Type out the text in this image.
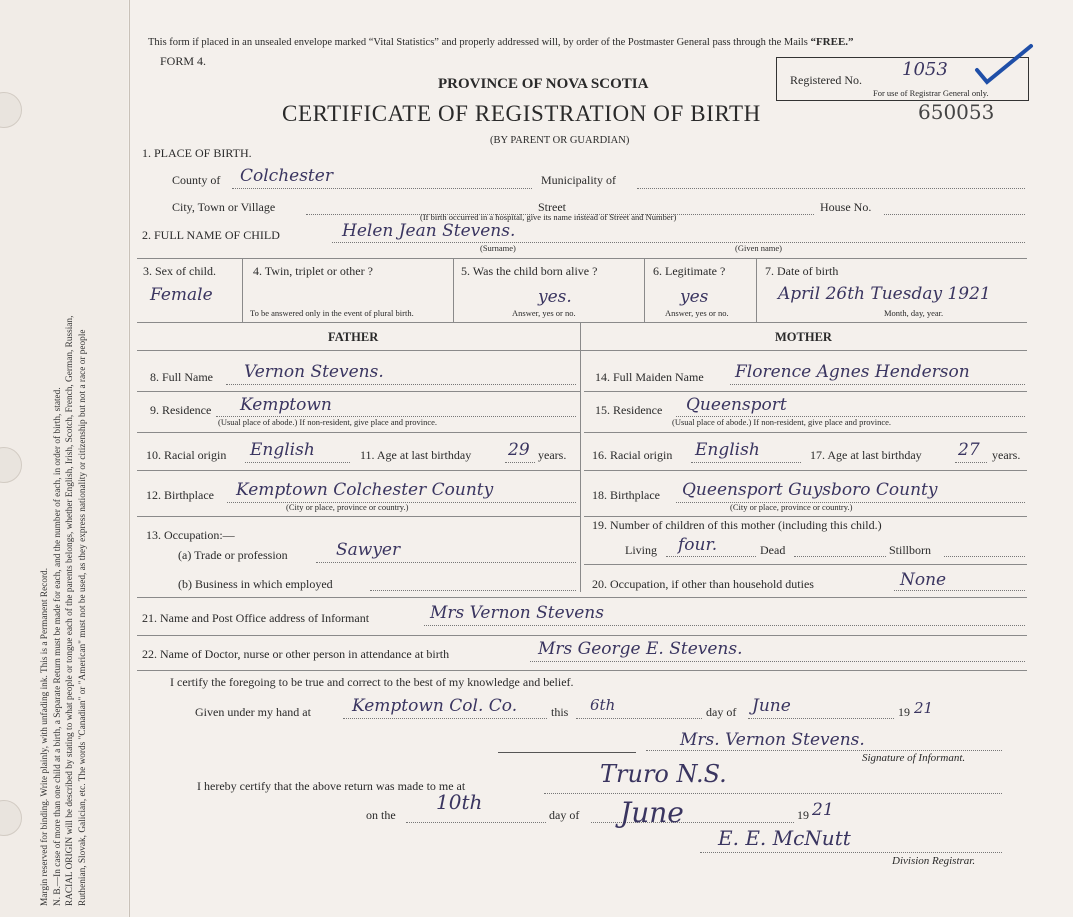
Margin reserved for binding. Write plainly, with unfading ink. This is a Permanent Record. N. B.—In case of more than one child at a birth, a Separate Return must be made for each, and the number of each, in order of birth, stated. RACIAL ORIGIN will be described by stating to what people or tongue each of the parents belongs, whether English, Irish, Scotch, French, German, Russian, Ruthenian, Slovak, Galician, etc. The words "Canadian" or "American" must not be used, as they express nationality or citizenship but not a race or people
This form if placed in an unsealed envelope marked “Vital Statistics” and properly addressed will, by order of the Postmaster General pass through the Mails “FREE.”
FORM 4.
PROVINCE OF NOVA SCOTIA
CERTIFICATE OF REGISTRATION OF BIRTH
(BY PARENT OR GUARDIAN)
Registered No. 1053
For use of Registrar General only.
650053
1. PLACE OF BIRTH.
County of Colchester	Municipality of
City, Town or Village	Street	House No.
(If birth occurred in a hospital, give its name instead of Street and Number)
2. FULL NAME OF CHILD	Helen Jean Stevens.
(Surname)	(Given name)
3. Sex of child.
Female
4. Twin, triplet or other ?
To be answered only in the event of plural birth.
5. Was the child born alive ?
yes.
Answer, yes or no.
6. Legitimate ?
yes
Answer, yes or no.
7. Date of birth
April 26th Tuesday 1921
Month, day, year.
FATHER	MOTHER
8. Full Name Vernon Stevens.
9. Residence Kemptown
(Usual place of abode.) If non-resident, give place and province.
10. Racial origin English	11. Age at last birthday 29 years.
12. Birthplace Kemptown Colchester County
(City or place, province or country.)
13. Occupation:—
(a) Trade or profession	Sawyer
(b) Business in which employed
14. Full Maiden Name Florence Agnes Henderson
15. Residence Queensport
(Usual place of abode.) If non-resident, give place and province.
16. Racial origin English	17. Age at last birthday 27 years.
18. Birthplace Queensport Guysboro County
(City or place, province or country.)
19. Number of children of this mother (including this child.)
Living four.	Dead	Stillborn
20. Occupation, if other than household duties	None
21. Name and Post Office address of Informant	Mrs Vernon Stevens
22. Name of Doctor, nurse or other person in attendance at birth	Mrs George E. Stevens.
I certify the foregoing to be true and correct to the best of my knowledge and belief.
Given under my hand at Kemptown Col. Co.	this 6th	day of June	19 21
Mrs. Vernon Stevens.
Signature of Informant.
I hereby certify that the above return was made to me at	Truro N.S.
on the
10th
day of June	19 21
E. E. McNutt
Division Registrar.
